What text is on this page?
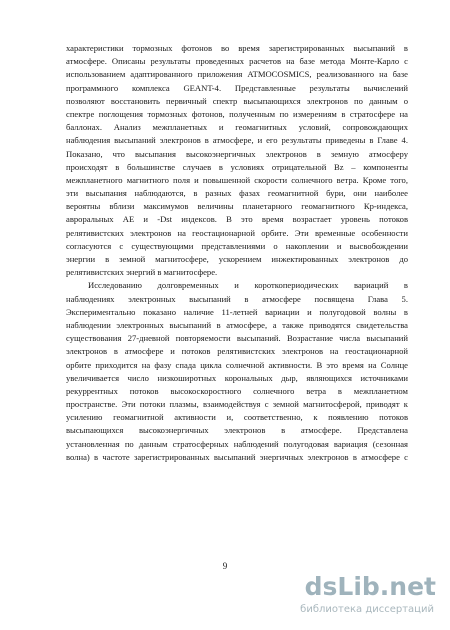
характеристики тормозных фотонов во время зарегистрированных высыпаний в
атмосфере. Описаны результаты проведенных расчетов на базе метода Монте-Карло с
использованием адаптированного приложения ATMOCOSMICS, реализованного на базе
программного комплекса GEANT-4. Представленные результаты вычислений
позволяют восстановить первичный спектр высыпающихся электронов по данным о
спектре поглощения тормозных фотонов, полученным по измерениям в стратосфере на
баллонах. Анализ межпланетных и геомагнитных условий, сопровождающих
наблюдения высыпаний электронов в атмосфере, и его результаты приведены в Главе 4.
Показано, что высыпания высокоэнергичных электронов в земную атмосферу
происходят в большинстве случаев в условиях отрицательной Bz – компоненты
межпланетного магнитного поля и повышенной скорости солнечного ветра. Кроме того,
эти высыпания наблюдаются, в разных фазах геомагнитной бури, они наиболее
вероятны вблизи максимумов величины планетарного геомагнитного Кр-индекса,
авроральных AE и -Dst индексов. В это время возрастает уровень потоков
релятивистских электронов на геостационарной орбите. Эти временные особенности
согласуются с существующими представлениями о накоплении и высвобождении
энергии в земной магнитосфере, ускорением инжектированных электронов до
релятивистских энергий в магнитосфере.
Исследованию долговременных и короткопериодических вариаций в
наблюдениях электронных высыпаний в атмосфере посвящена Глава 5.
Экспериментально показано наличие 11-летней вариации и полугодовой волны в
наблюдении электронных высыпаний в атмосфере, а также приводятся свидетельства
существования 27-дневной повторяемости высыпаний. Возрастание числа высыпаний
электронов в атмосфере и потоков релятивистских электронов на геостационарной
орбите приходится на фазу спада цикла солнечной активности. В это время на Солнце
увеличивается число низкоширотных корональных дыр, являющихся источниками
рекуррентных потоков высокоскоростного солнечного ветра в межпланетном
пространстве. Эти потоки плазмы, взаимодействуя с земной магнитосферой, приводят к
усилению геомагнитной активности и, соответственно, к появлению потоков
высыпающихся высокоэнергичных электронов в атмосфере. Представлена
установленная по данным стратосферных наблюдений полугодовая вариация (сезонная
волна) в частоте зарегистрированных высыпаний энергичных электронов в атмосфере с
9
dsLib.net
библиотека диссертаций
